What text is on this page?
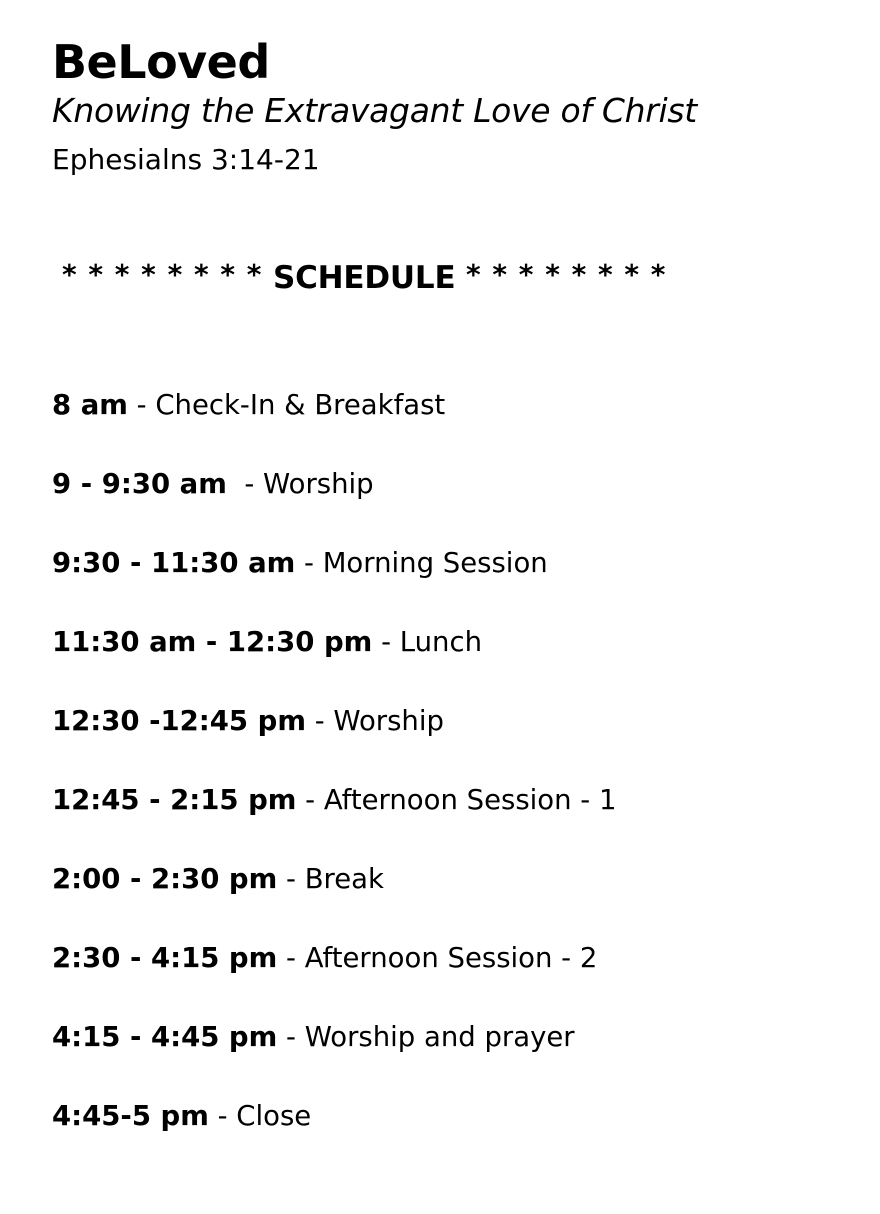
BeLoved
Knowing the Extravagant Love of Christ
Ephesialns 3:14-21
* * * * * * * * SCHEDULE * * * * * * * *
8 am - Check-In & Breakfast
9 - 9:30 am  - Worship
9:30 - 11:30 am - Morning Session
11:30 am - 12:30 pm - Lunch
12:30 -12:45 pm - Worship
12:45 - 2:15 pm - Afternoon Session - 1
2:00 - 2:30 pm - Break
2:30 - 4:15 pm - Afternoon Session - 2
4:15 - 4:45 pm - Worship and prayer
4:45-5 pm - Close
